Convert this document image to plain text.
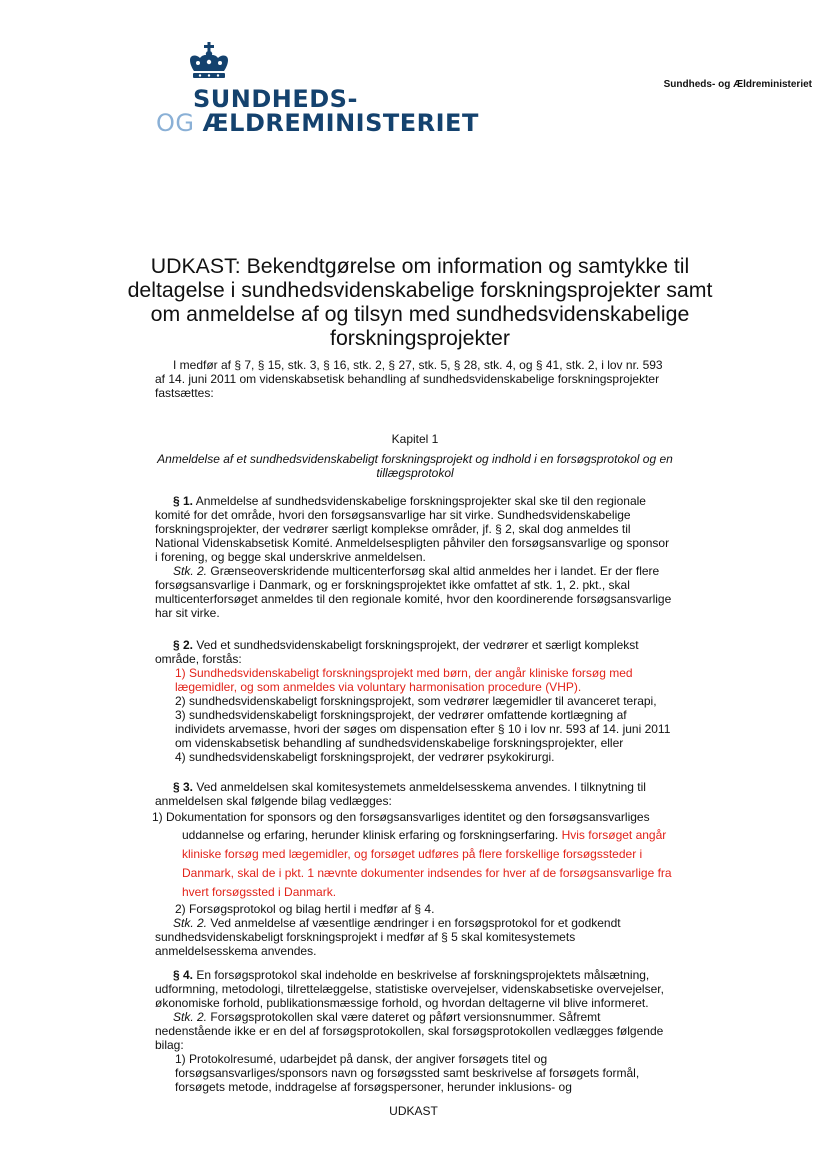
SUNDHEDS-
OG ÆLDREMINISTERIET
Sundheds- og Ældreministeriet
UDKAST: Bekendtgørelse om information og samtykke til deltagelse i sundhedsvidenskabelige forskningsprojekter samt om anmeldelse af og tilsyn med sundhedsvidenskabelige forskningsprojekter

I medfør af § 7, § 15, stk. 3, § 16, stk. 2, § 27, stk. 5, § 28, stk. 4, og § 41, stk. 2, i lov nr. 593 af 14. juni 2011 om videnskabsetisk behandling af sundhedsvidenskabelige forskningsprojekter fastsættes:

Kapitel 1
Anmeldelse af et sundhedsvidenskabeligt forskningsprojekt og indhold i en forsøgsprotokol og en tillægsprotokol

§ 1. Anmeldelse af sundhedsvidenskabelige forskningsprojekter skal ske til den regionale komité for det område, hvori den forsøgsansvarlige har sit virke. Sundhedsvidenskabelige forskningsprojekter, der vedrører særligt komplekse områder, jf. § 2, skal dog anmeldes til National Videnskabsetisk Komité. Anmeldelsespligten påhviler den forsøgsansvarlige og sponsor i forening, og begge skal underskrive anmeldelsen.

Stk. 2. Grænseoverskridende multicenterforsøg skal altid anmeldes her i landet. Er der flere forsøgsansvarlige i Danmark, og er forskningsprojektet ikke omfattet af stk. 1, 2. pkt., skal multicenterforsøget anmeldes til den regionale komité, hvor den koordinerende forsøgsansvarlige har sit virke.

§ 2. Ved et sundhedsvidenskabeligt forskningsprojekt, der vedrører et særligt komplekst område, forstås:

1) Sundhedsvidenskabeligt forskningsprojekt med børn, der angår kliniske forsøg med lægemidler, og som anmeldes via voluntary harmonisation procedure (VHP).

2) sundhedsvidenskabeligt forskningsprojekt, som vedrører lægemidler til avanceret terapi,

3) sundhedsvidenskabeligt forskningsprojekt, der vedrører omfattende kortlægning af individets arvemasse, hvori der søges om dispensation efter § 10 i lov nr. 593 af 14. juni 2011 om videnskabsetisk behandling af sundhedsvidenskabelige forskningsprojekter, eller

4) sundhedsvidenskabeligt forskningsprojekt, der vedrører psykokirurgi.

§ 3. Ved anmeldelsen skal komitesystemets anmeldelsesskema anvendes. I tilknytning til anmeldelsen skal følgende bilag vedlægges:

1) Dokumentation for sponsors og den forsøgsansvarliges identitet og den forsøgsansvarliges

uddannelse og erfaring, herunder klinisk erfaring og forskningserfaring. Hvis forsøget angår kliniske forsøg med lægemidler, og forsøget udføres på flere forskellige forsøgssteder i Danmark, skal de i pkt. 1 nævnte dokumenter indsendes for hver af de forsøgsansvarlige fra hvert forsøgssted i Danmark.

2) Forsøgsprotokol og bilag hertil i medfør af § 4.

Stk. 2. Ved anmeldelse af væsentlige ændringer i en forsøgsprotokol for et godkendt sundhedsvidenskabeligt forskningsprojekt i medfør af § 5 skal komitesystemets anmeldelsesskema anvendes.

§ 4. En forsøgsprotokol skal indeholde en beskrivelse af forskningsprojektets målsætning, udformning, metodologi, tilrettelæggelse, statistiske overvejelser, videnskabsetiske overvejelser, økonomiske forhold, publikationsmæssige forhold, og hvordan deltagerne vil blive informeret.

Stk. 2. Forsøgsprotokollen skal være dateret og påført versionsnummer. Såfremt nedenstående ikke er en del af forsøgsprotokollen, skal forsøgsprotokollen vedlægges følgende bilag:

1) Protokolresumé, udarbejdet på dansk, der angiver forsøgets titel og forsøgsansvarliges/sponsors navn og forsøgssted samt beskrivelse af forsøgets formål, forsøgets metode, inddragelse af forsøgspersoner, herunder inklusions- og

UDKAST
